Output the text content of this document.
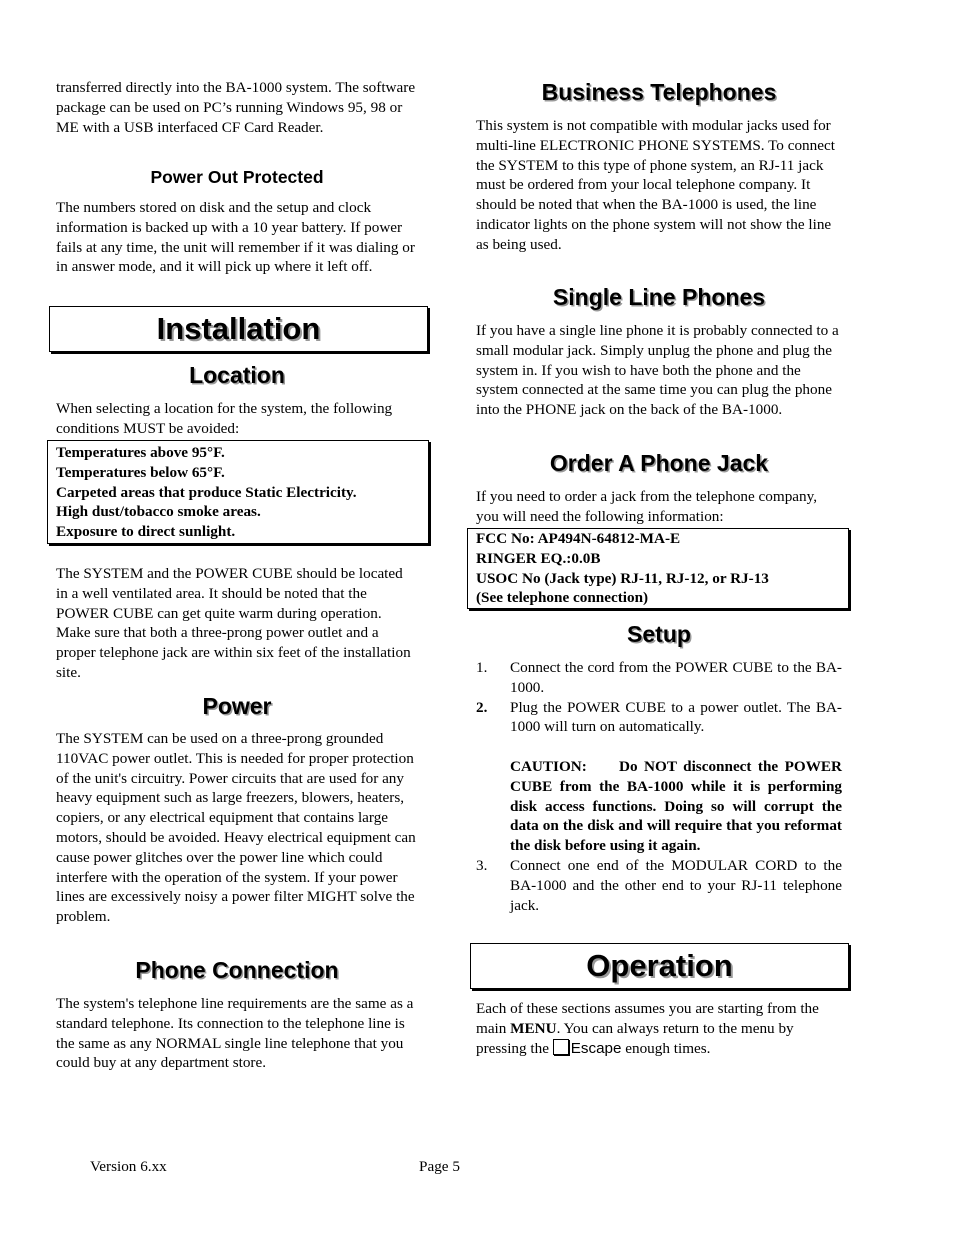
transferred directly into the BA-1000 system. The software package can be used on PC’s running Windows 95, 98 or ME with a USB interfaced CF Card Reader.

Power Out Protected

The numbers stored on disk and the setup and clock information is backed up with a 10 year battery. If power fails at any time, the unit will remember if it was dialing or in answer mode, and it will pick up where it left off.

Installation
Location

When selecting a location for the system, the following conditions MUST be avoided:

Temperatures above 95°F.
Temperatures below 65°F.
Carpeted areas that produce Static Electricity.
High dust/tobacco smoke areas.
Exposure to direct sunlight.

The SYSTEM and the POWER CUBE should be located in a well ventilated area. It should be noted that the POWER CUBE can get quite warm during operation. Make sure that both a three-prong power outlet and a proper telephone jack are within six feet of the installation site.

Power

The SYSTEM can be used on a three-prong grounded 110VAC power outlet. This is needed for proper protection of the unit's circuitry. Power circuits that are used for any heavy equipment such as large freezers, blowers, heaters, copiers, or any electrical equipment that contains large motors, should be avoided. Heavy electrical equipment can cause power glitches over the power line which could interfere with the operation of the system. If your power lines are excessively noisy a power filter MIGHT solve the problem.

Phone Connection

The system's telephone line requirements are the same as a standard telephone. Its connection to the telephone line is the same as any NORMAL single line telephone that you could buy at any department store.

Business Telephones

This system is not compatible with modular jacks used for multi-line ELECTRONIC PHONE SYSTEMS. To connect the SYSTEM to this type of phone system, an RJ-11 jack must be ordered from your local telephone company. It should be noted that when the BA-1000 is used, the line indicator lights on the phone system will not show the line as being used.

Single Line Phones

If you have a single line phone it is probably connected to a small modular jack. Simply unplug the phone and plug the system in. If you wish to have both the phone and the system connected at the same time you can plug the phone into the PHONE jack on the back of the BA-1000.

Order A Phone Jack

If you need to order a jack from the telephone company, you will need the following information:

FCC No: AP494N-64812-MA-E
RINGER EQ.:0.0B
USOC No (Jack type) RJ-11, RJ-12, or RJ-13
(See telephone connection)
Setup
1. Connect the cord from the POWER CUBE to the BA-1000.
2. Plug the POWER CUBE to a power outlet. The BA-1000 will turn on automatically.
CAUTION: Do NOT disconnect the POWER CUBE from the BA-1000 while it is performing disk access functions. Doing so will corrupt the data on the disk and will require that you reformat the disk before using it again.
3. Connect one end of the MODULAR CORD to the BA-1000 and the other end to your RJ-11 telephone jack.
Operation

Each of these sections assumes you are starting from the main MENU. You can always return to the menu by pressing the Escape enough times.

Version 6.xx	Page 5
